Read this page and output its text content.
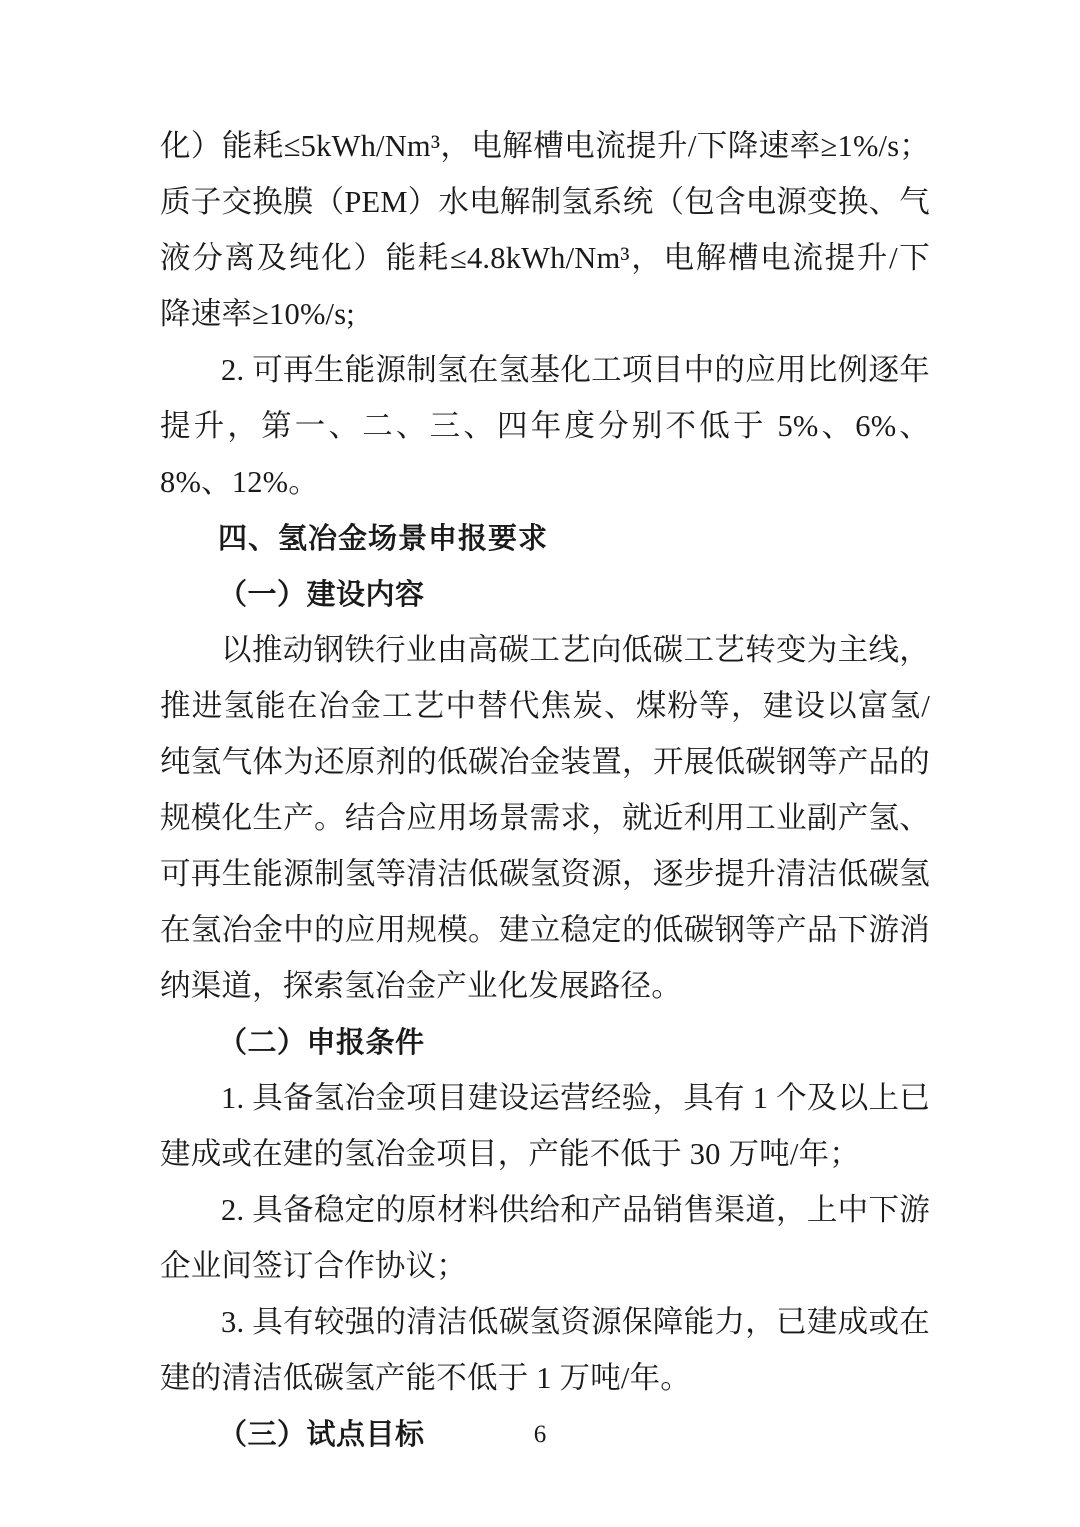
化）能耗≤5kWh/Nm³，电解槽电流提升/下降速率≥1%/s；质子交换膜（PEM）水电解制氢系统（包含电源变换、气液分离及纯化）能耗≤4.8kWh/Nm³，电解槽电流提升/下降速率≥10%/s;

2. 可再生能源制氢在氢基化工项目中的应用比例逐年提升，第一、二、三、四年度分别不低于 5%、6%、8%、12%。

四、氢冶金场景申报要求

（一）建设内容

以推动钢铁行业由高碳工艺向低碳工艺转变为主线，推进氢能在冶金工艺中替代焦炭、煤粉等，建设以富氢/纯氢气体为还原剂的低碳冶金装置，开展低碳钢等产品的规模化生产。结合应用场景需求，就近利用工业副产氢、可再生能源制氢等清洁低碳氢资源，逐步提升清洁低碳氢在氢冶金中的应用规模。建立稳定的低碳钢等产品下游消纳渠道，探索氢冶金产业化发展路径。

（二）申报条件

1. 具备氢冶金项目建设运营经验，具有 1 个及以上已建成或在建的氢冶金项目，产能不低于 30 万吨/年；

2. 具备稳定的原材料供给和产品销售渠道，上中下游企业间签订合作协议；

3. 具有较强的清洁低碳氢资源保障能力，已建成或在建的清洁低碳氢产能不低于 1 万吨/年。

（三）试点目标	6
